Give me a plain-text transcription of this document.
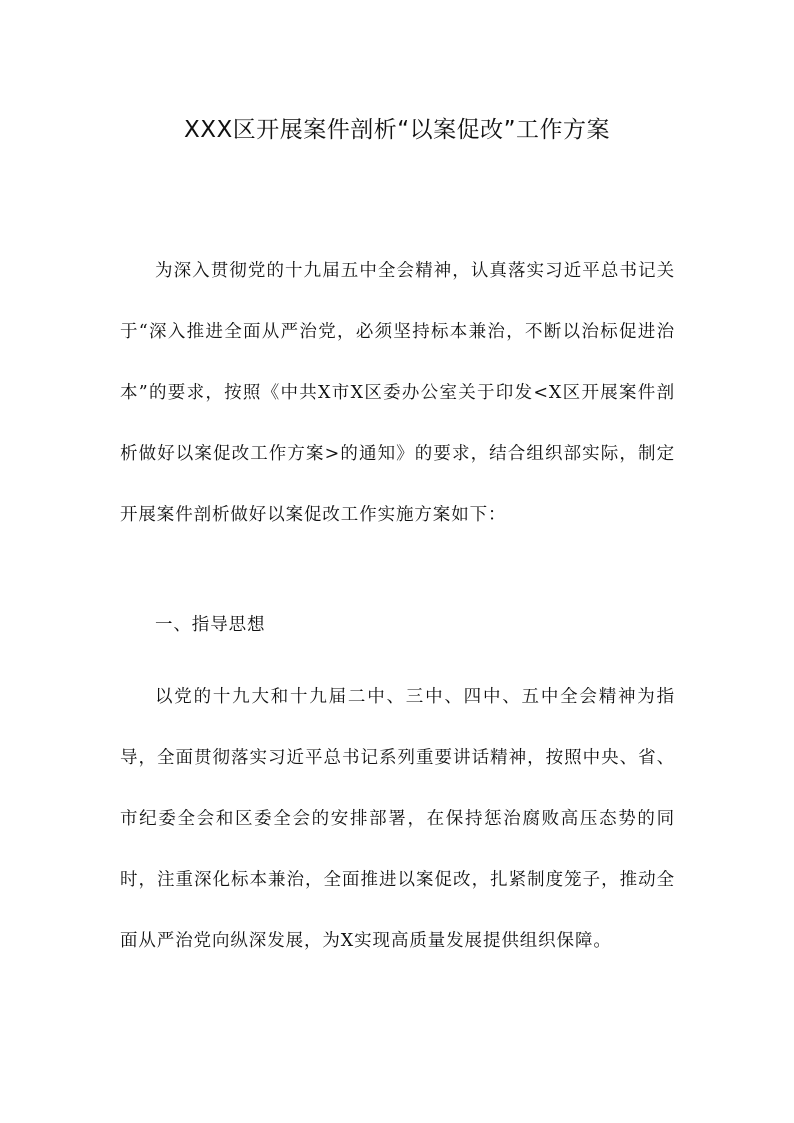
XXX区开展案件剖析“以案促改”工作方案

为深入贯彻党的十九届五中全会精神，认真落实习近平总书记关于“深入推进全面从严治党，必须坚持标本兼治，不断以治标促进治本”的要求，按照《中共X市X区委办公室关于印发<X区开展案件剖析做好以案促改工作方案>的通知》的要求，结合组织部实际，制定开展案件剖析做好以案促改工作实施方案如下：

一、指导思想

以党的十九大和十九届二中、三中、四中、五中全会精神为指导，全面贯彻落实习近平总书记系列重要讲话精神，按照中央、省、市纪委全会和区委全会的安排部署，在保持惩治腐败高压态势的同时，注重深化标本兼治，全面推进以案促改，扎紧制度笼子，推动全面从严治党向纵深发展，为X实现高质量发展提供组织保障。
